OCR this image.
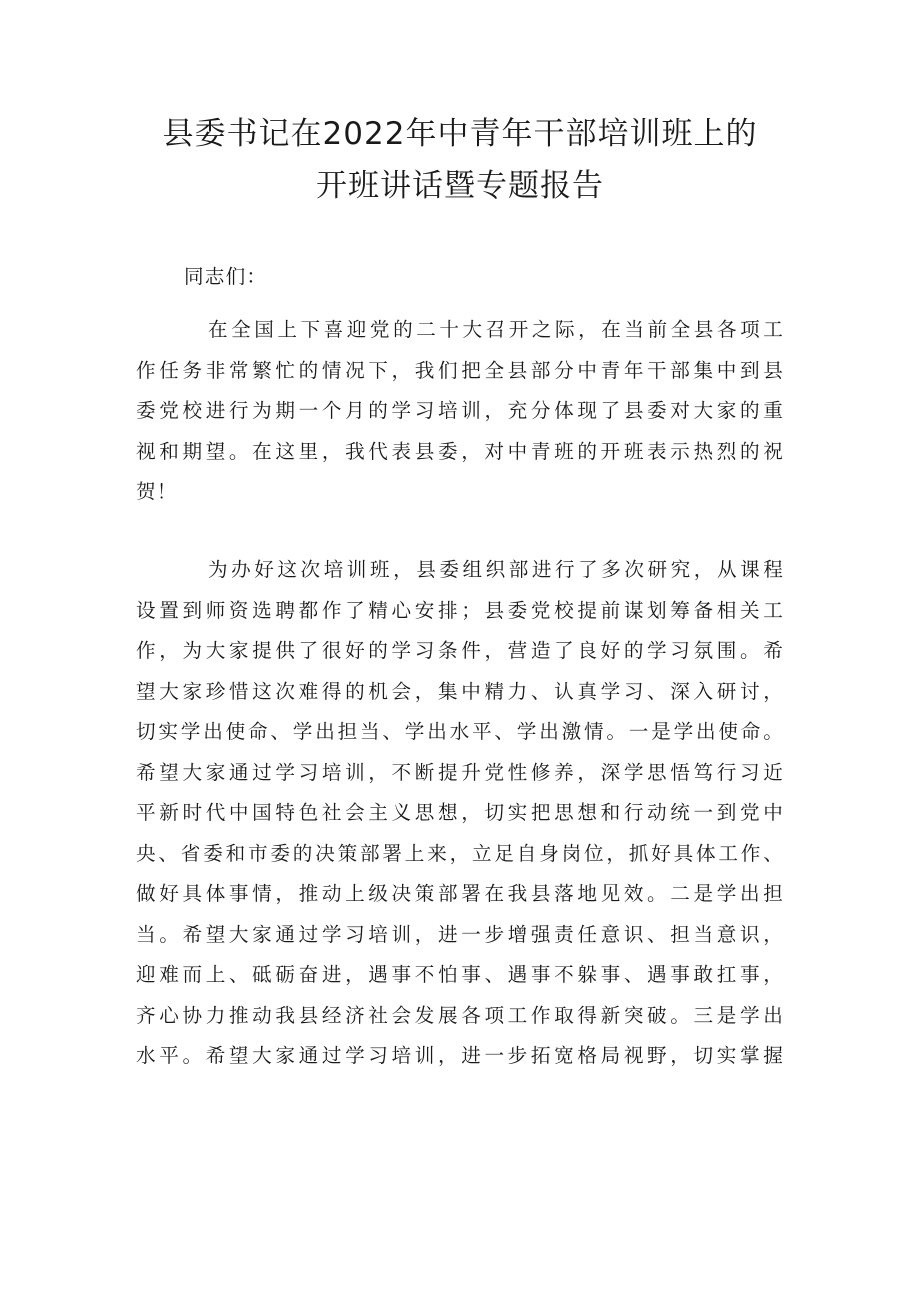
县委书记在2022年中青年干部培训班上的
开班讲话暨专题报告
同志们：
在全国上下喜迎党的二十大召开之际，在当前全县各项工
作任务非常繁忙的情况下，我们把全县部分中青年干部集中到县
委党校进行为期一个月的学习培训，充分体现了县委对大家的重
视和期望。在这里，我代表县委，对中青班的开班表示热烈的祝
贺！
为办好这次培训班，县委组织部进行了多次研究，从课程
设置到师资选聘都作了精心安排；县委党校提前谋划筹备相关工
作，为大家提供了很好的学习条件，营造了良好的学习氛围。希
望大家珍惜这次难得的机会，集中精力、认真学习、深入研讨，
切实学出使命、学出担当、学出水平、学出激情。一是学出使命。
希望大家通过学习培训，不断提升党性修养，深学思悟笃行习近
平新时代中国特色社会主义思想，切实把思想和行动统一到党中
央、省委和市委的决策部署上来，立足自身岗位，抓好具体工作、
做好具体事情，推动上级决策部署在我县落地见效。二是学出担
当。希望大家通过学习培训，进一步增强责任意识、担当意识，
迎难而上、砥砺奋进，遇事不怕事、遇事不躲事、遇事敢扛事，
齐心协力推动我县经济社会发展各项工作取得新突破。三是学出
水平。希望大家通过学习培训，进一步拓宽格局视野，切实掌握
